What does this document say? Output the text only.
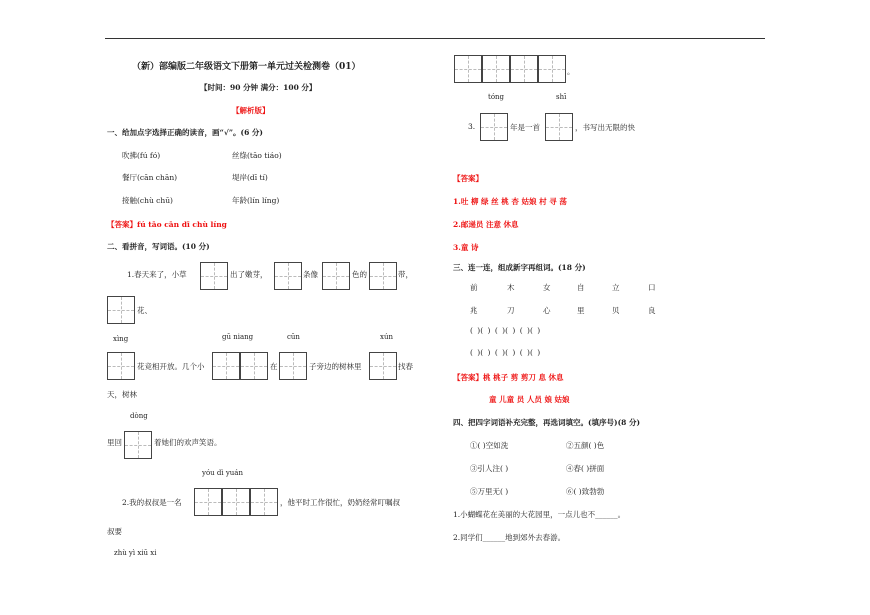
（新）部编版二年级语文下册第一单元过关检测卷（01）
【时间：90 分钟 满分：100 分】
【解析版】
一、给加点字选择正确的读音，画“√”。(6 分)
吹拂(fú fó)	丝绦(tāo tiáo)
餐厅(cān chān)	堤岸(dī tí)
接触(chù chū)	年龄(lín líng)
【答案】fú tāo cān dī chù líng
二、看拼音，写词语。(10 分)
1.春天来了，小草	出了嫩芽，	条像	色的	带，
花、
xìng	gū niang	cūn	xún
花竞相开放。几个小	在	子旁边的树林里	找春
天，树林
dòng
里回	着她们的欢声笑语。
yóu dì yuán
2.我的叔叔是一名	，他平时工作很忙，奶奶经常叮嘱叔
叔要
zhù yì xiū xi
。
tóng	shī
3.	年是一首	，书写出无限的快
【答案】
1.吐 柳 绿 丝 桃 杏 姑娘 村 寻 荡
2.邮递员 注意 休息
3.童 诗
三、连一连，组成新字再组词。(18 分)
前	木	女	自	立	口
兆	刀	心	里	贝	良
( )( ) ( )( ) ( )( )
( )( ) ( )( ) ( )( )
【答案】桃 桃子 剪 剪刀 息 休息
童 儿童 员 人员 娘 姑娘
四、把四字词语补充完整，再选词填空。(填序号)(8 分)
①( )空如洗	②五颜( )色
③引人注( )	④春( )拼面
⑤万里无( )	⑥( )致勃勃
1.小蝴蝶花在美丽的大花园里，一点儿也不______。
2.同学们______地到郊外去春游。
